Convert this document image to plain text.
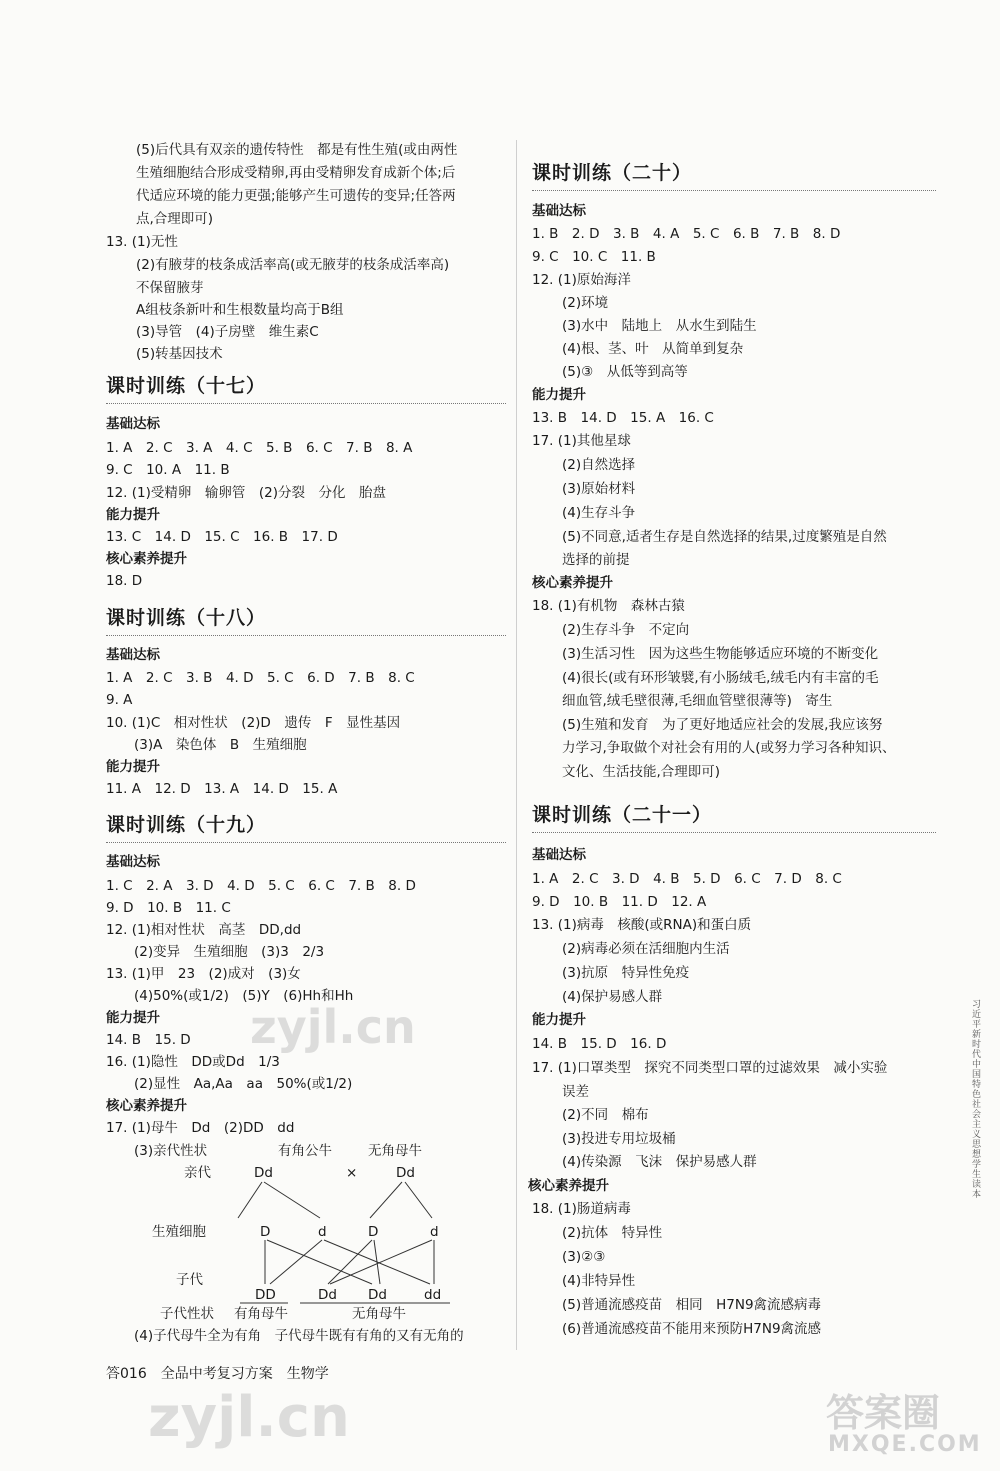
(5)后代具有双亲的遗传特性　都是有性生殖(或由两性
生殖细胞结合形成受精卵,再由受精卵发育成新个体;后
代适应环境的能力更强;能够产生可遗传的变异;任答两
点,合理即可)
13. (1)无性
(2)有腋芽的枝条成活率高(或无腋芽的枝条成活率高)
不保留腋芽
A组枝条新叶和生根数量均高于B组
(3)导管　(4)子房壁　维生素C
(5)转基因技术
课时训练（十七）
基础达标
1. A　2. C　3. A　4. C　5. B　6. C　7. B　8. A
9. C　10. A　11. B
12. (1)受精卵　输卵管　(2)分裂　分化　胎盘
能力提升
13. C　14. D　15. C　16. B　17. D
核心素养提升
18. D
课时训练（十八）
基础达标
1. A　2. C　3. B　4. D　5. C　6. D　7. B　8. C
9. A
10. (1)C　相对性状　(2)D　遗传　F　显性基因
(3)A　染色体　B　生殖细胞
能力提升
11. A　12. D　13. A　14. D　15. A
课时训练（十九）
基础达标
1. C　2. A　3. D　4. D　5. C　6. C　7. B　8. D
9. D　10. B　11. C
12. (1)相对性状　高茎　DD,dd
(2)变异　生殖细胞　(3)3　2/3
13. (1)甲　23　(2)成对　(3)女
(4)50%(或1/2)　(5)Y　(6)Hh和Hh
能力提升
14. B　15. D
16. (1)隐性　DD或Dd　1/3
(2)显性　Aa,Aa　aa　50%(或1/2)
核心素养提升
17. (1)母牛　Dd　(2)DD　dd
(3)亲代性状	有角公牛	无角母牛
亲代	Dd	×	Dd
生殖细胞	D	d	D	d
子代
DD	Dd Dd	dd
子代性状 有角母牛	无角母牛
(4)子代母牛全为有角　子代母牛既有有角的又有无角的
答016　全品中考复习方案　生物学
课时训练（二十）
基础达标
1. B　2. D　3. B　4. A　5. C　6. B　7. B　8. D
9. C　10. C　11. B
12. (1)原始海洋
(2)环境
(3)水中　陆地上　从水生到陆生
(4)根、茎、叶　从简单到复杂
(5)③　从低等到高等
能力提升
13. B　14. D　15. A　16. C
17. (1)其他星球
(2)自然选择
(3)原始材料
(4)生存斗争
(5)不同意,适者生存是自然选择的结果,过度繁殖是自然
选择的前提
核心素养提升
18. (1)有机物　森林古猿
(2)生存斗争　不定向
(3)生活习性　因为这些生物能够适应环境的不断变化
(4)很长(或有环形皱襞,有小肠绒毛,绒毛内有丰富的毛
细血管,绒毛壁很薄,毛细血管壁很薄等)　寄生
(5)生殖和发育　为了更好地适应社会的发展,我应该努
力学习,争取做个对社会有用的人(或努力学习各种知识、
文化、生活技能,合理即可)
课时训练（二十一）
基础达标
1. A　2. C　3. D　4. B　5. D　6. C　7. D　8. C
9. D　10. B　11. D　12. A
13. (1)病毒　核酸(或RNA)和蛋白质
(2)病毒必须在活细胞内生活
(3)抗原　特异性免疫
(4)保护易感人群
能力提升
14. B　15. D　16. D
17. (1)口罩类型　探究不同类型口罩的过滤效果　减小实验
误差
(2)不同　棉布
(3)投进专用垃圾桶
(4)传染源　飞沫　保护易感人群
核心素养提升
18. (1)肠道病毒
(2)抗体　特异性
(3)②③
(4)非特异性
(5)普通流感疫苗　相同　H7N9禽流感病毒
(6)普通流感疫苗不能用来预防H7N9禽流感
习近平新时代中国特色社会主义思想学生读本
zyjl.cn
zyjl.cn	答案圈
MXQE.COM
